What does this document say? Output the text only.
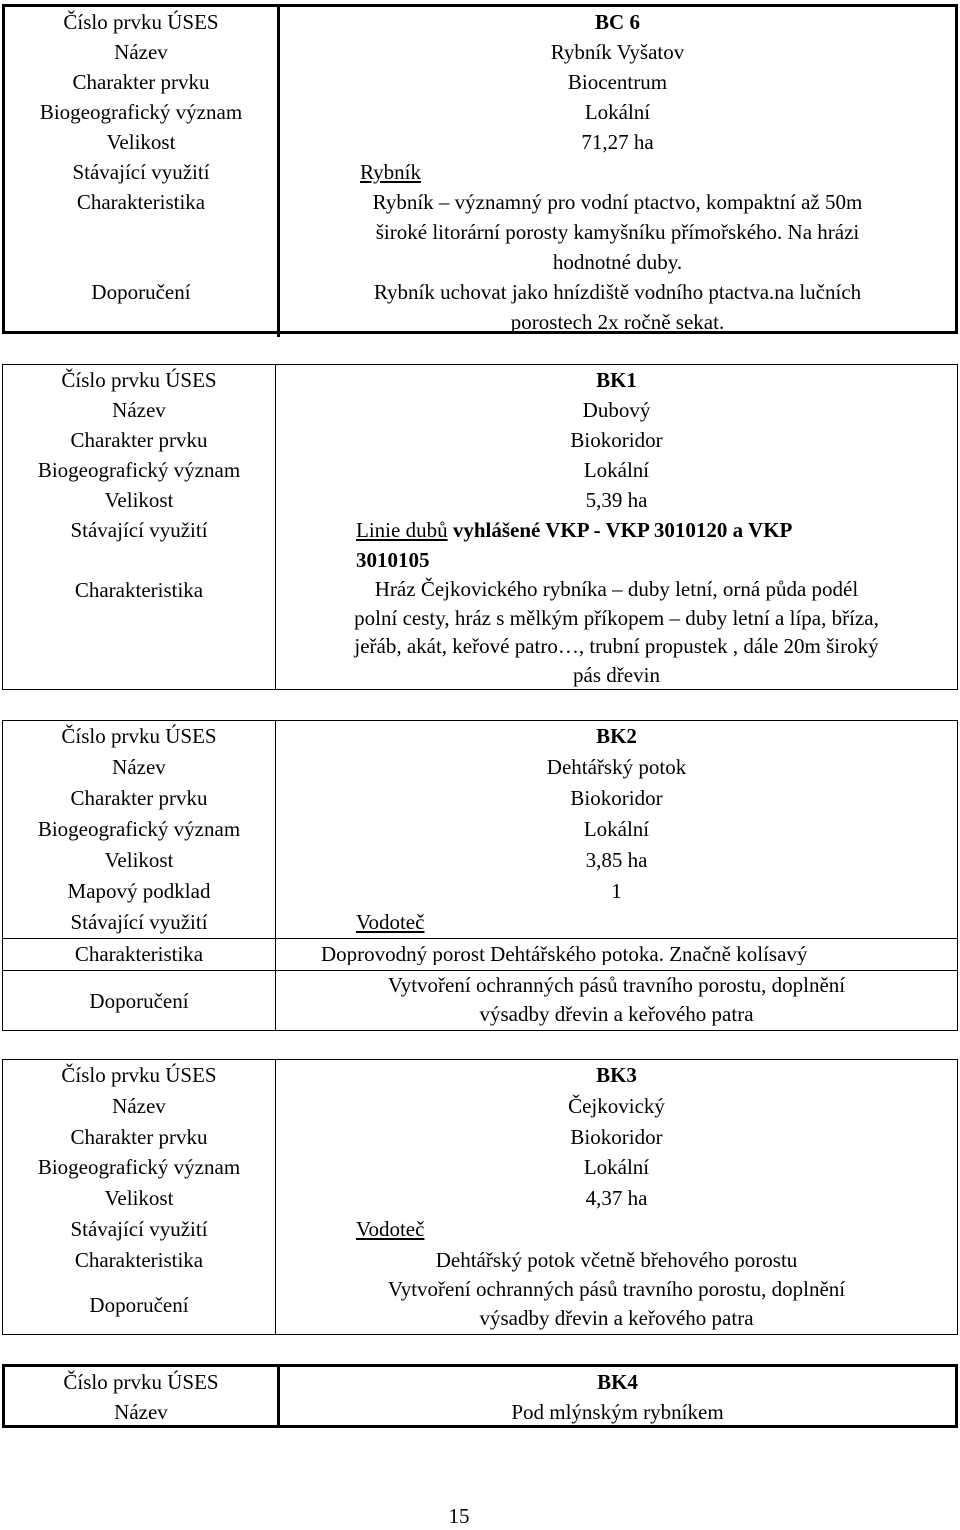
Číslo prvku ÚSES	BC 6
Název	Rybník Vyšatov
Charakter prvku	Biocentrum
Biogeografický význam	Lokální
Velikost	71,27 ha
Stávající využití	Rybník
Charakteristika	Rybník – významný pro vodní ptactvo, kompaktní až 50m
široké litorární porosty kamyšníku přímořského. Na hrázi
hodnotné duby.

Doporučení	Rybník uchovat jako hnízdiště vodního ptactva.na lučních
porostech 2x ročně sekat.
Číslo prvku ÚSES	BK1
Název	Dubový
Charakter prvku	Biokoridor
Biogeografický význam	Lokální
Velikost	5,39 ha
Stávající využití	Linie dubů vyhlášené VKP - VKP 3010120 a VKP
3010105

Charakteristika	Hráz Čejkovického rybníka – duby letní, orná půda podél
polní cesty, hráz s mělkým příkopem – duby letní a lípa, bříza,
jeřáb, akát, keřové patro…, trubní propustek , dále 20m široký
pás dřevin
Číslo prvku ÚSES	BK2
Název	Dehtářský potok
Charakter prvku	Biokoridor
Biogeografický význam	Lokální
Velikost	3,85 ha
Mapový podklad	1
Stávající využití	Vodoteč
Charakteristika	Doprovodný porost Dehtářského potoka. Značně kolísavý

Doporučení	Vytvoření ochranných pásů travního porostu, doplnění
výsadby dřevin a keřového patra
Číslo prvku ÚSES	BK3
Název	Čejkovický
Charakter prvku	Biokoridor
Biogeografický význam	Lokální
Velikost	4,37 ha
Stávající využití	Vodoteč
Charakteristika	Dehtářský potok včetně břehového porostu
Doporučení	Vytvoření ochranných pásů travního porostu, doplnění
výsadby dřevin a keřového patra
Číslo prvku ÚSES	BK4
Název	Pod mlýnským rybníkem
15
